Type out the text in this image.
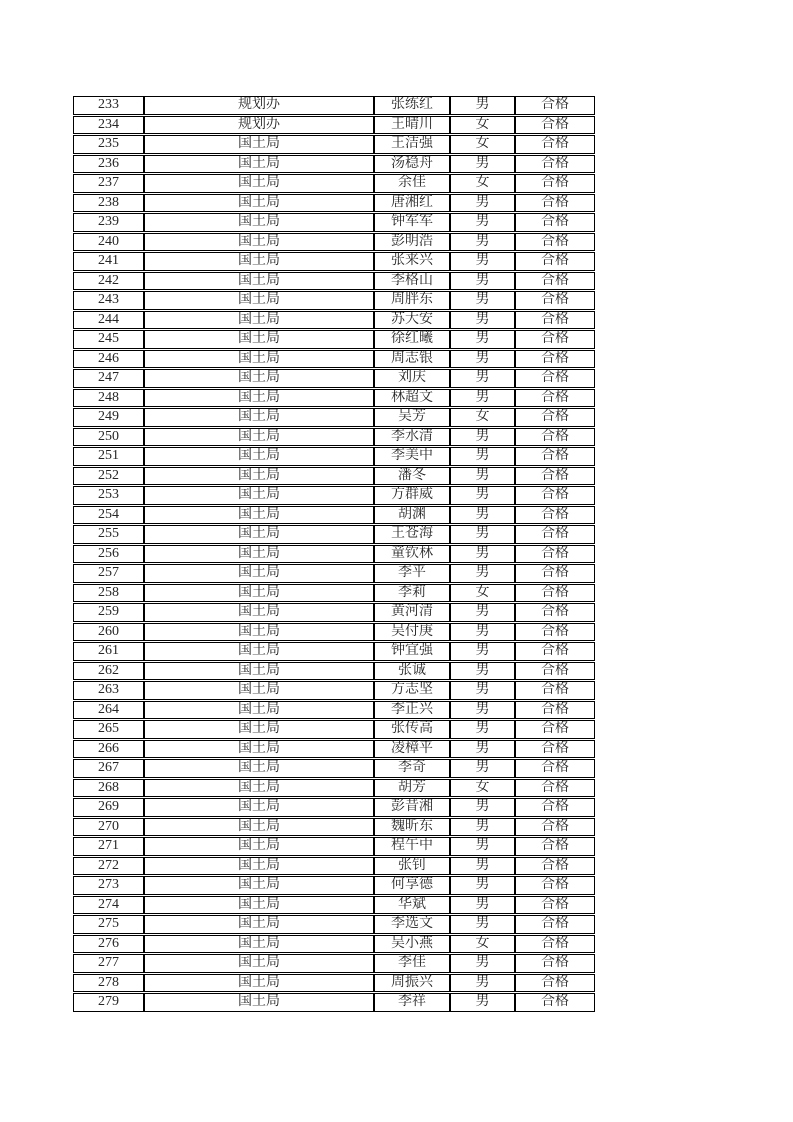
233	规划办	张练红	男	合格
234	规划办	王晴川	女	合格
235	国土局	王洁强	女	合格
236	国土局	汤稳舟	男	合格
237	国土局	余佳	女	合格
238	国土局	唐湘红	男	合格
239	国土局	钟军军	男	合格
240	国土局	彭明浩	男	合格
241	国土局	张来兴	男	合格
242	国土局	李格山	男	合格
243	国土局	周胖东	男	合格
244	国土局	苏大安	男	合格
245	国土局	徐红曦	男	合格
246	国土局	周志银	男	合格
247	国土局	刘庆	男	合格
248	国土局	林超文	男	合格
249	国土局	吴芳	女	合格
250	国土局	李水清	男	合格
251	国土局	李美中	男	合格
252	国土局	潘冬	男	合格
253	国土局	方群威	男	合格
254	国土局	胡渊	男	合格
255	国土局	王苍海	男	合格
256	国土局	童钦林	男	合格
257	国土局	李平	男	合格
258	国土局	李莉	女	合格
259	国土局	黄河清	男	合格
260	国土局	吴付庚	男	合格
261	国土局	钟宜强	男	合格
262	国土局	张诚	男	合格
263	国土局	方志坚	男	合格
264	国土局	李正兴	男	合格
265	国土局	张传高	男	合格
266	国土局	凌樟平	男	合格
267	国土局	李奇	男	合格
268	国土局	胡芳	女	合格
269	国土局	彭昔湘	男	合格
270	国土局	魏昕东	男	合格
271	国土局	程午中	男	合格
272	国土局	张钊	男	合格
273	国土局	何享德	男	合格
274	国土局	华斌	男	合格
275	国土局	李选文	男	合格
276	国土局	吴小燕	女	合格
277	国土局	李佳	男	合格
278	国土局	周振兴	男	合格
279	国土局	李祥	男	合格
